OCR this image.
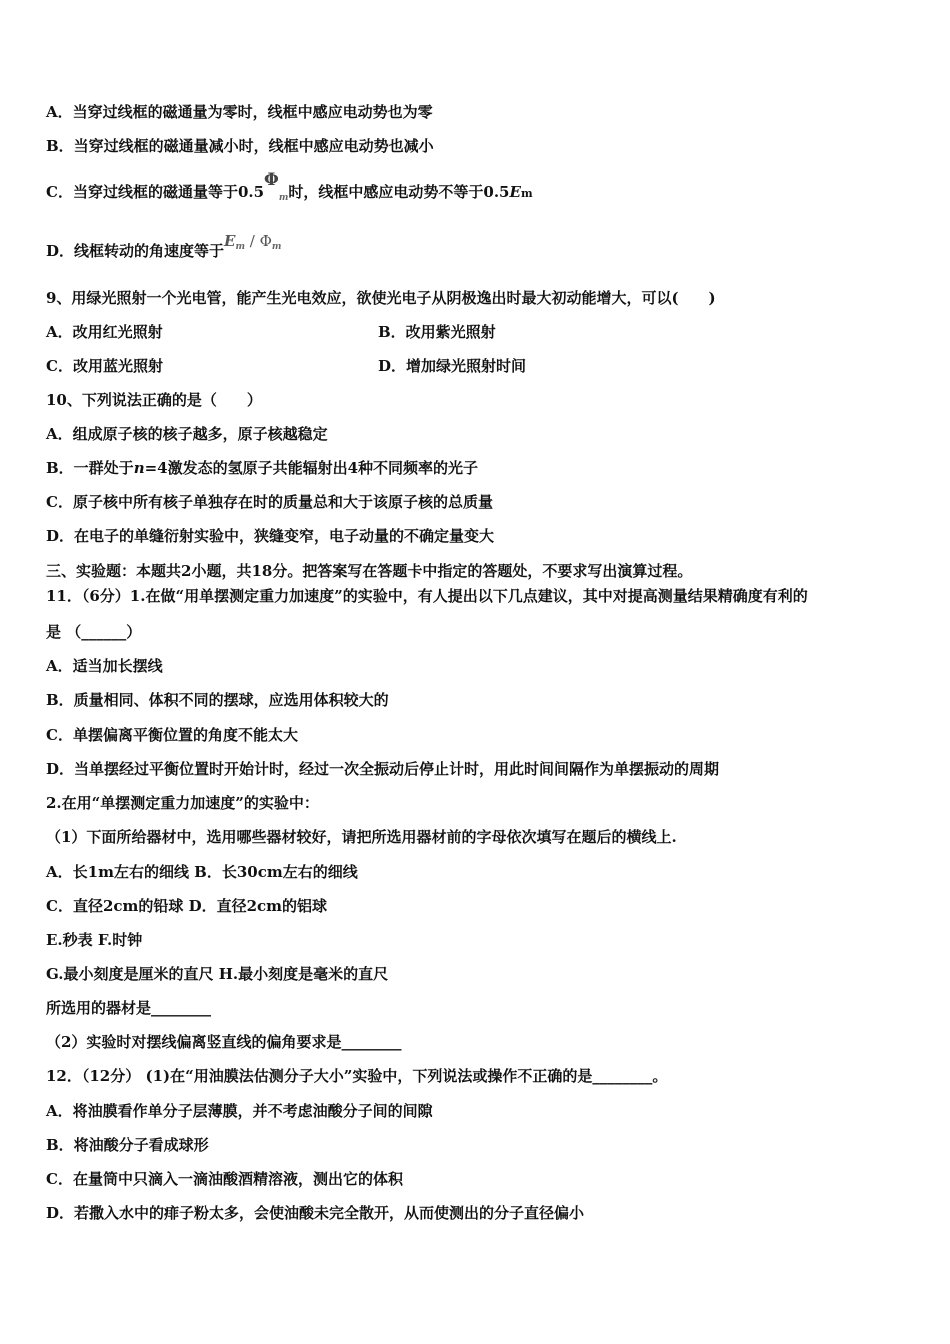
A．当穿过线框的磁通量为零时，线框中感应电动势也为零
B．当穿过线框的磁通量减小时，线框中感应电动势也减小
C．当穿过线框的磁通量等于$0.5\Phi_m$时，线框中感应电动势不等于0.5Em
D．线框转动的角速度等于$E_m / \Phi_m$
9、用绿光照射一个光电管，能产生光电效应，欲使光电子从阴极逸出时最大初动能增大，可以(　　)
A．改用红光照射	B．改用紫光照射
C．改用蓝光照射	D．增加绿光照射时间
10、下列说法正确的是（　　）
A．组成原子核的核子越多，原子核越稳定
B．一群处于n=4激发态的氢原子共能辐射出4种不同频率的光子
C．原子核中所有核子单独存在时的质量总和大于该原子核的总质量
D．在电子的单缝衍射实验中，狭缝变窄，电子动量的不确定量变大
三、实验题：本题共2小题，共18分。把答案写在答题卡中指定的答题处，不要求写出演算过程。
11．（6分）1.在做“用单摆测定重力加速度”的实验中，有人提出以下几点建议，其中对提高测量结果精确度有利的
是 （______）
A．适当加长摆线
B．质量相同、体积不同的摆球，应选用体积较大的
C．单摆偏离平衡位置的角度不能太大
D．当单摆经过平衡位置时开始计时，经过一次全振动后停止计时，用此时间间隔作为单摆振动的周期
2.在用“单摆测定重力加速度”的实验中：
（1）下面所给器材中，选用哪些器材较好，请把所选用器材前的字母依次填写在题后的横线上.
A．长1m左右的细线 B．长30cm左右的细线
C．直径2cm的铅球 D．直径2cm的铝球
E.秒表 F.时钟
G.最小刻度是厘米的直尺 H.最小刻度是毫米的直尺
所选用的器材是________
（2）实验时对摆线偏离竖直线的偏角要求是________
12．（12分） (1)在“用油膜法估测分子大小”实验中，下列说法或操作不正确的是________。
A．将油膜看作单分子层薄膜，并不考虑油酸分子间的间隙
B．将油酸分子看成球形
C．在量筒中只滴入一滴油酸酒精溶液，测出它的体积
D．若撒入水中的痱子粉太多，会使油酸未完全散开，从而使测出的分子直径偏小
